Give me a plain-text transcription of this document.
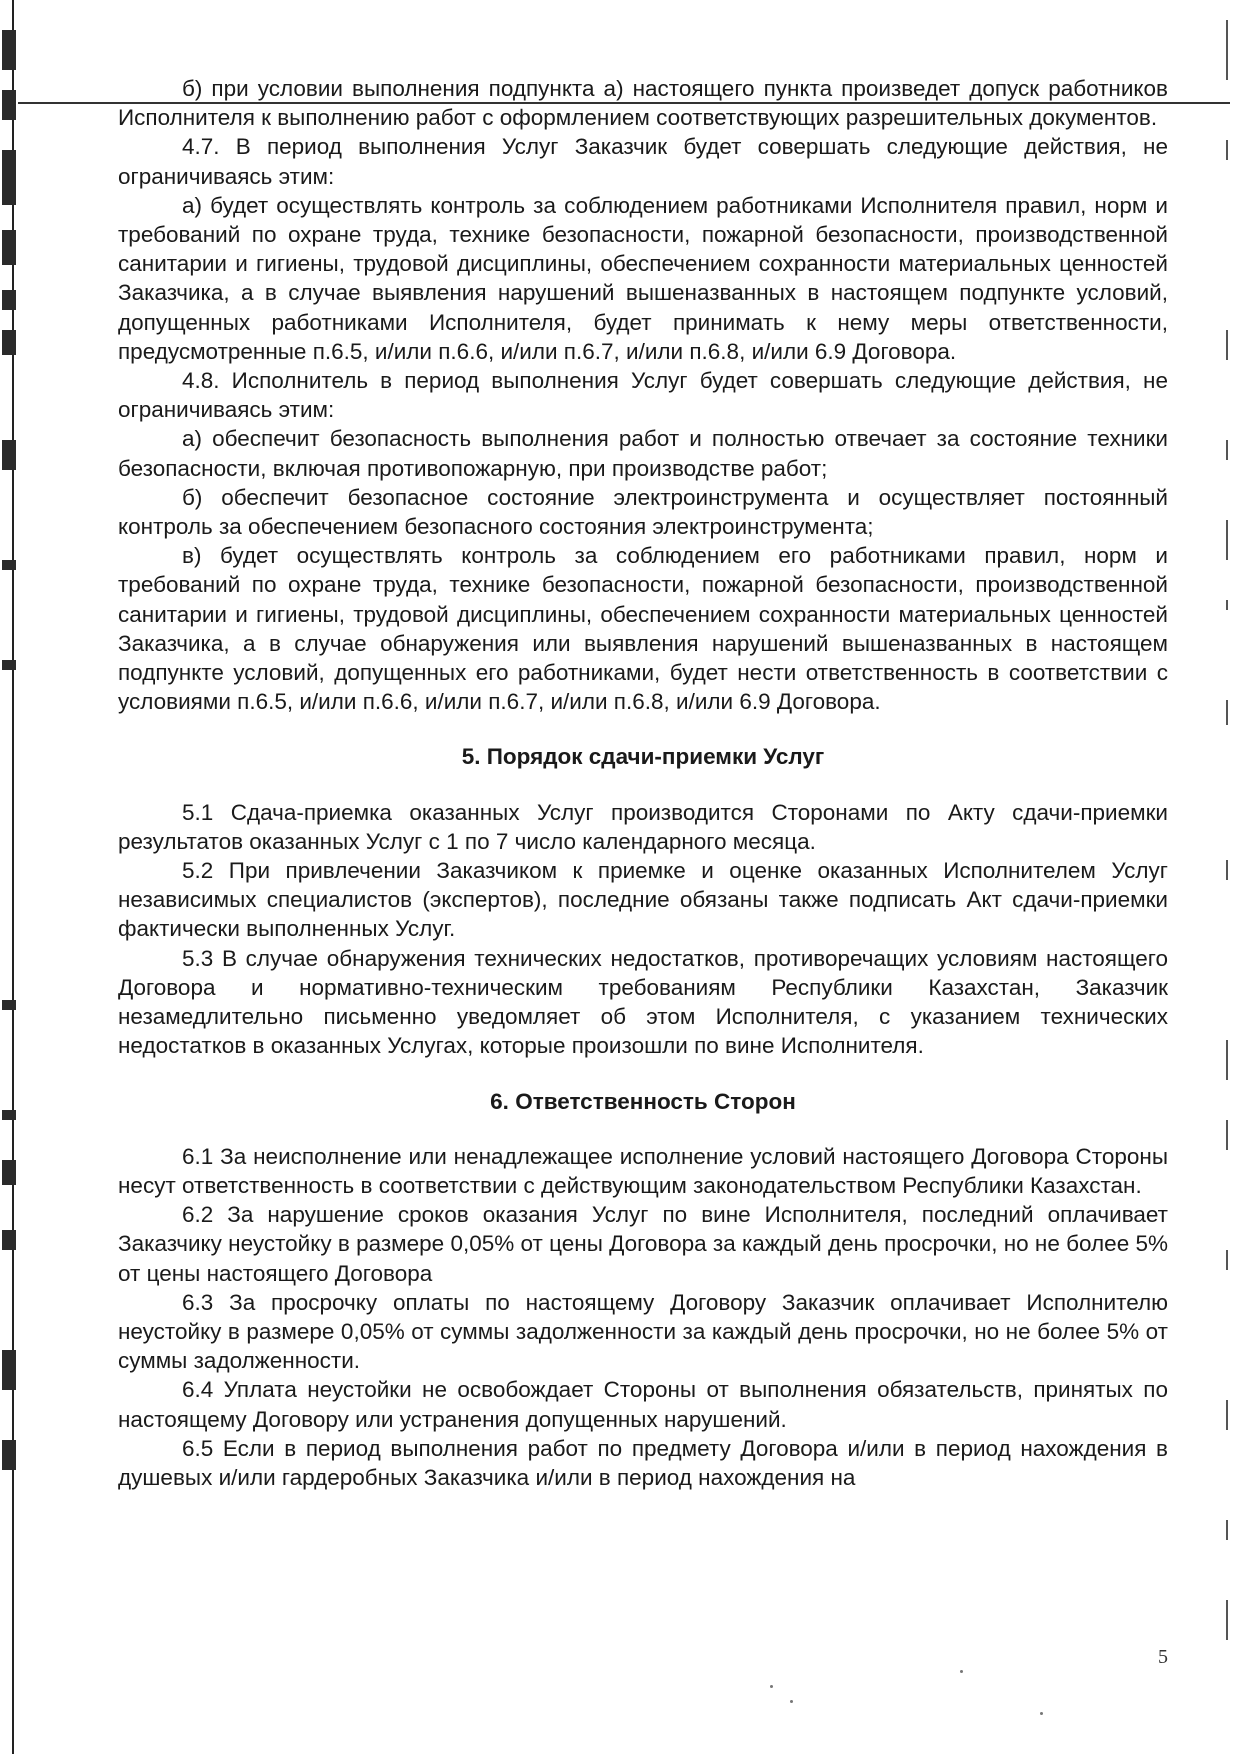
б) при условии выполнения подпункта а) настоящего пункта произведет допуск работников Исполнителя к выполнению работ с оформлением соответствующих разрешительных документов.

4.7. В период выполнения Услуг Заказчик будет совершать следующие действия, не ограничиваясь этим:

а) будет осуществлять контроль за соблюдением работниками Исполнителя правил, норм и требований по охране труда, технике безопасности, пожарной безопасности, производственной санитарии и гигиены, трудовой дисциплины, обеспечением сохранности материальных ценностей Заказчика, а в случае выявления нарушений вышеназванных в настоящем подпункте условий, допущенных работниками Исполнителя, будет принимать к нему меры ответственности, предусмотренные п.6.5, и/или п.6.6, и/или п.6.7, и/или п.6.8, и/или 6.9 Договора.

4.8. Исполнитель в период выполнения Услуг будет совершать следующие действия, не ограничиваясь этим:

а) обеспечит безопасность выполнения работ и полностью отвечает за состояние техники безопасности, включая противопожарную, при производстве работ;

б) обеспечит безопасное состояние электроинструмента и осуществляет постоянный контроль за обеспечением безопасного состояния электроинструмента;

в) будет осуществлять контроль за соблюдением его работниками правил, норм и требований по охране труда, технике безопасности, пожарной безопасности, производственной санитарии и гигиены, трудовой дисциплины, обеспечением сохранности материальных ценностей Заказчика, а в случае обнаружения или выявления нарушений вышеназванных в настоящем подпункте условий, допущенных его работниками, будет нести ответственность в соответствии с условиями п.6.5, и/или п.6.6, и/или п.6.7, и/или п.6.8, и/или 6.9 Договора.

5. Порядок сдачи-приемки Услуг

5.1 Сдача-приемка оказанных Услуг производится Сторонами по Акту сдачи-приемки результатов оказанных Услуг с 1 по 7 число календарного месяца.

5.2 При привлечении Заказчиком к приемке и оценке оказанных Исполнителем Услуг независимых специалистов (экспертов), последние обязаны также подписать Акт сдачи-приемки фактически выполненных Услуг.

5.3 В случае обнаружения технических недостатков, противоречащих условиям настоящего Договора и нормативно-техническим требованиям Республики Казахстан, Заказчик незамедлительно письменно уведомляет об этом Исполнителя, с указанием технических недостатков в оказанных Услугах, которые произошли по вине Исполнителя.

6. Ответственность Сторон

6.1 За неисполнение или ненадлежащее исполнение условий настоящего Договора Стороны несут ответственность в соответствии с действующим законодательством Республики Казахстан.

6.2 За нарушение сроков оказания Услуг по вине Исполнителя, последний оплачивает Заказчику неустойку в размере 0,05% от цены Договора за каждый день просрочки, но не более 5% от цены настоящего Договора

6.3 За просрочку оплаты по настоящему Договору Заказчик оплачивает Исполнителю неустойку в размере 0,05% от суммы задолженности за каждый день просрочки, но не более 5% от суммы задолженности.

6.4 Уплата неустойки не освобождает Стороны от выполнения обязательств, принятых по настоящему Договору или устранения допущенных нарушений.

6.5 Если в период выполнения работ по предмету Договора и/или в период нахождения в душевых и/или гардеробных Заказчика и/или в период нахождения на

5
